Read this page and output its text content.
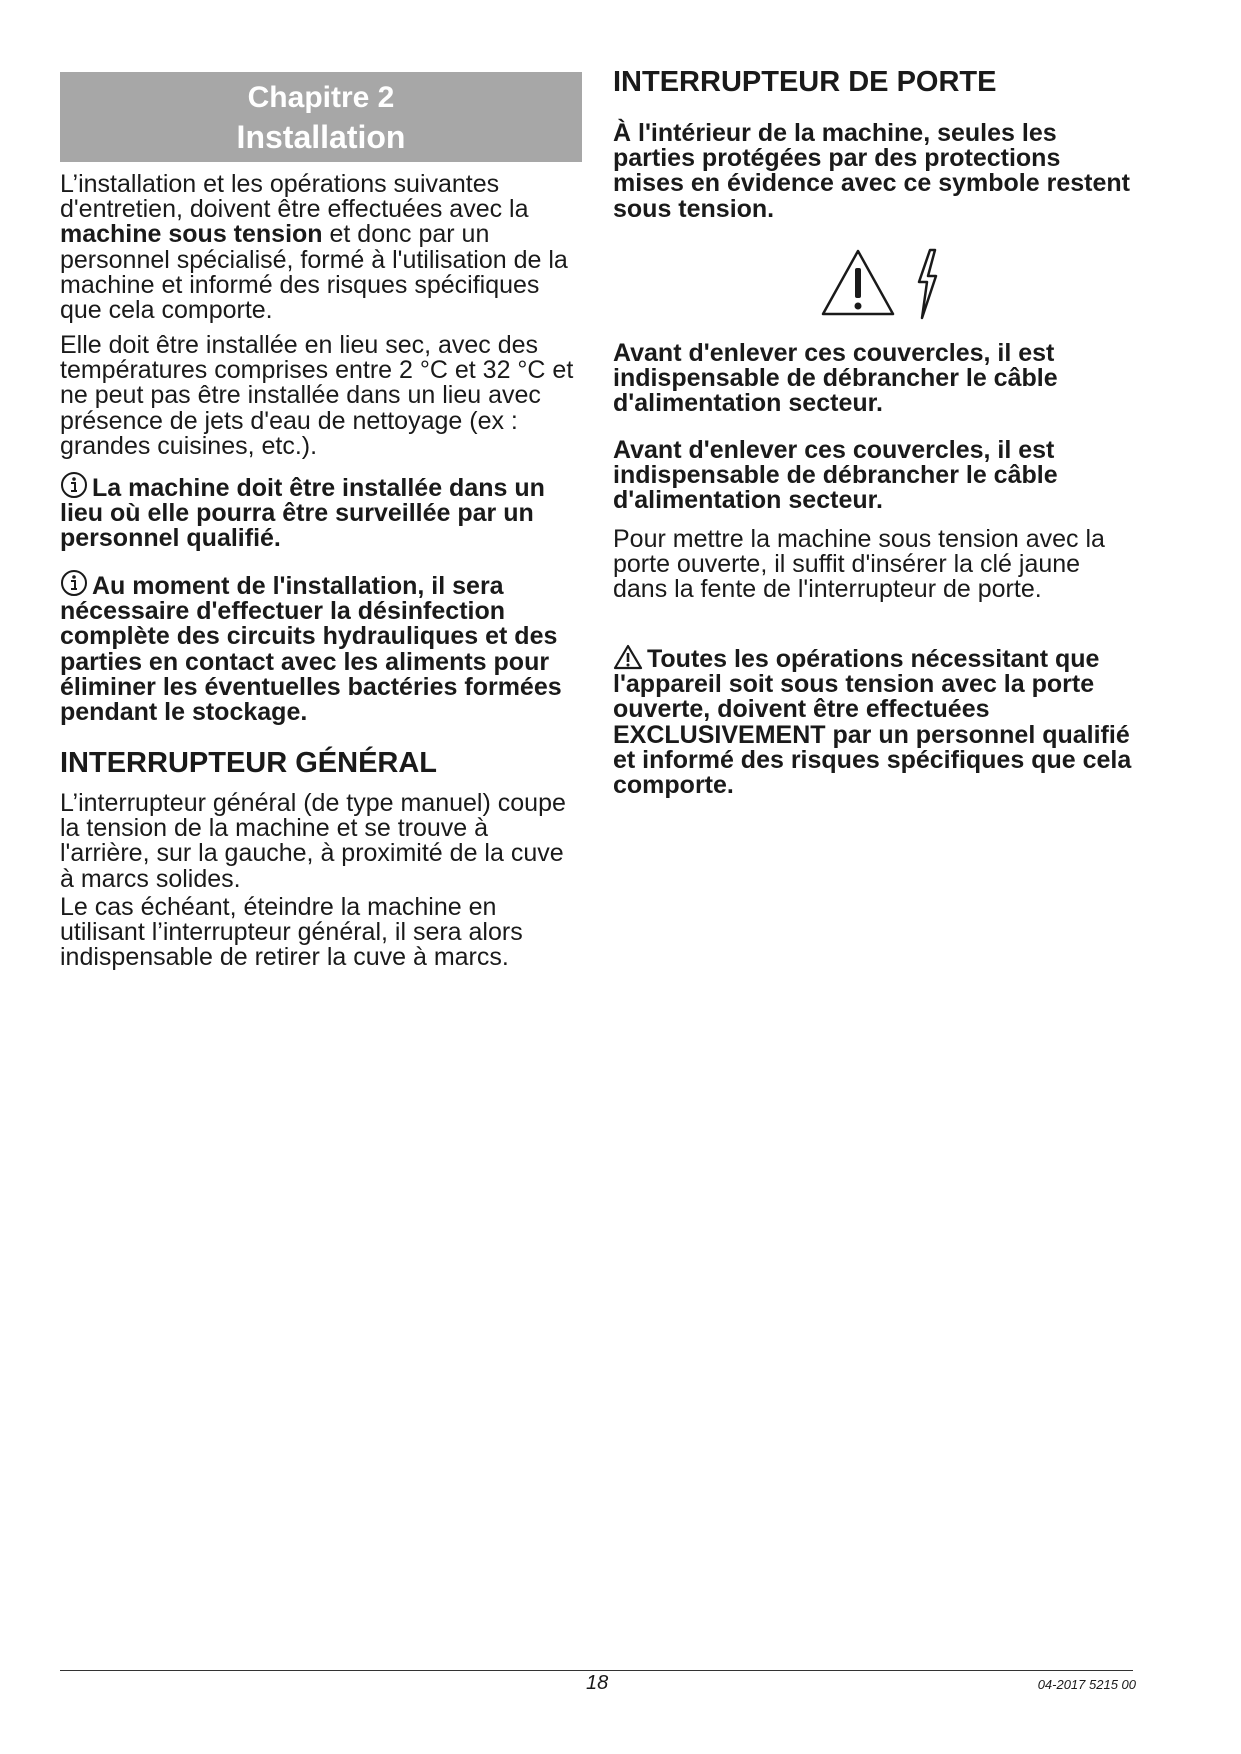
Chapitre 2
Installation

L’installation et les opérations suivantes d'entretien, doivent être effectuées avec la machine sous tension et donc par un personnel spécialisé, formé à l'utilisation de la machine et informé des risques spécifiques que cela comporte.

Elle doit être installée en lieu sec, avec des températures comprises entre 2 °C et 32 °C et ne peut pas être installée dans un lieu avec présence de jets d'eau de nettoyage (ex : grandes cuisines, etc.).

La machine doit être installée dans un lieu où elle pourra être surveillée par un personnel qualifié.

Au moment de l'installation, il sera nécessaire d'effectuer la désinfection complète des circuits hydrauliques et des parties en contact avec les aliments pour éliminer les éventuelles bactéries formées pendant le stockage.

INTERRUPTEUR GÉNÉRAL

L’interrupteur général (de type manuel) coupe la tension de la machine et se trouve à l'arrière, sur la gauche, à proximité de la cuve à marcs solides.

Le cas échéant, éteindre la machine en utilisant l’interrupteur général, il sera alors indispensable de retirer la cuve à marcs.

INTERRUPTEUR DE PORTE

À l'intérieur de la machine, seules les parties protégées par des protections mises en évidence avec ce symbole restent sous tension.

Avant d'enlever ces couvercles, il est indispensable de débrancher le câble d'alimentation secteur.

Avant d'enlever ces couvercles, il est indispensable de débrancher le câble d'alimentation secteur.

Pour mettre la machine sous tension avec la porte ouverte, il suffit d'insérer la clé jaune dans la fente de l'interrupteur de porte.

Toutes les opérations nécessitant que l'appareil soit sous tension avec la porte ouverte, doivent être effectuées EXCLUSIVEMENT par un personnel qualifié et informé des risques spécifiques que cela comporte.

18	04-2017 5215 00
